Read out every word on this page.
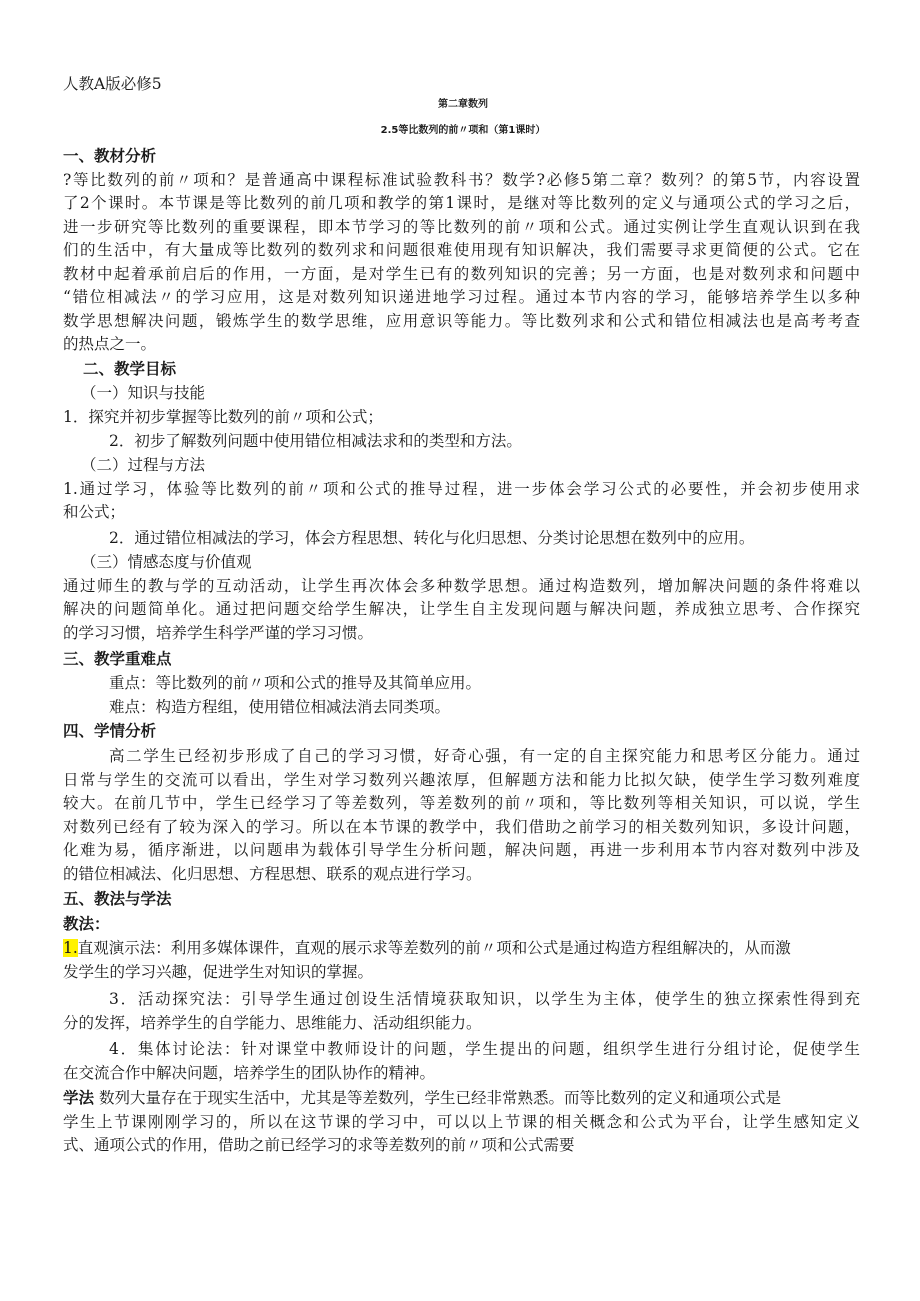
人教A版必修5
第二章数列
2.5等比数列的前〃项和（第1课时）
一、教材分析
?等比数列的前〃项和？是普通高中课程标准试验教科书？数学?必修5第二章？数列？的第5节，内容设置
了2个课时。本节课是等比数列的前几项和教学的第1课时，是继对等比数列的定义与通项公式的学习之后，
进一步研究等比数列的重要课程，即本节学习的等比数列的前〃项和公式。通过实例让学生直观认识到在我
们的生活中，有大量成等比数列的数列求和问题很难使用现有知识解决，我们需要寻求更简便的公式。它在
教材中起着承前启后的作用，一方面，是对学生已有的数列知识的完善；另一方面，也是对数列求和问题中
“错位相减法〃的学习应用，这是对数列知识递进地学习过程。通过本节内容的学习，能够培养学生以多种
数学思想解决问题，锻炼学生的数学思维，应用意识等能力。等比数列求和公式和错位相减法也是高考考查
的热点之一。
二、教学目标
（一）知识与技能
1．探究并初步掌握等比数列的前〃项和公式；
2．初步了解数列问题中使用错位相减法求和的类型和方法。
（二）过程与方法
1.通过学习，体验等比数列的前〃项和公式的推导过程，进一步体会学习公式的必要性，并会初步使用求
和公式；
2．通过错位相减法的学习，体会方程思想、转化与化归思想、分类讨论思想在数列中的应用。
（三）情感态度与价值观
通过师生的教与学的互动活动，让学生再次体会多种数学思想。通过构造数列，增加解决问题的条件将难以
解决的问题简单化。通过把问题交给学生解决，让学生自主发现问题与解决问题，养成独立思考、合作探究
的学习习惯，培养学生科学严谨的学习习惯。
三、教学重难点
重点：等比数列的前〃项和公式的推导及其简单应用。
难点：构造方程组，使用错位相减法消去同类项。
四、学情分析
高二学生已经初步形成了自己的学习习惯，好奇心强，有一定的自主探究能力和思考区分能力。通过
日常与学生的交流可以看出，学生对学习数列兴趣浓厚，但解题方法和能力比拟欠缺，使学生学习数列难度
较大。在前几节中，学生已经学习了等差数列，等差数列的前〃项和，等比数列等相关知识，可以说，学生
对数列已经有了较为深入的学习。所以在本节课的教学中，我们借助之前学习的相关数列知识，多设计问题，
化难为易，循序渐进，以问题串为载体引导学生分析问题，解决问题，再进一步利用本节内容对数列中涉及
的错位相减法、化归思想、方程思想、联系的观点进行学习。
五、教法与学法
教法：
1.直观演示法：利用多媒体课件，直观的展示求等差数列的前〃项和公式是通过构造方程组解决的，从而激
发学生的学习兴趣，促进学生对知识的掌握。
3．活动探究法：引导学生通过创设生活情境获取知识，以学生为主体，使学生的独立探索性得到充
分的发挥，培养学生的自学能力、思维能力、活动组织能力。
4．集体讨论法：针对课堂中教师设计的问题，学生提出的问题，组织学生进行分组讨论，促使学生
在交流合作中解决问题，培养学生的团队协作的精神。
学法 数列大量存在于现实生活中，尤其是等差数列，学生已经非常熟悉。而等比数列的定义和通项公式是
学生上节课刚刚学习的，所以在这节课的学习中，可以以上节课的相关概念和公式为平台，让学生感知定义
式、通项公式的作用，借助之前已经学习的求等差数列的前〃项和公式需要
